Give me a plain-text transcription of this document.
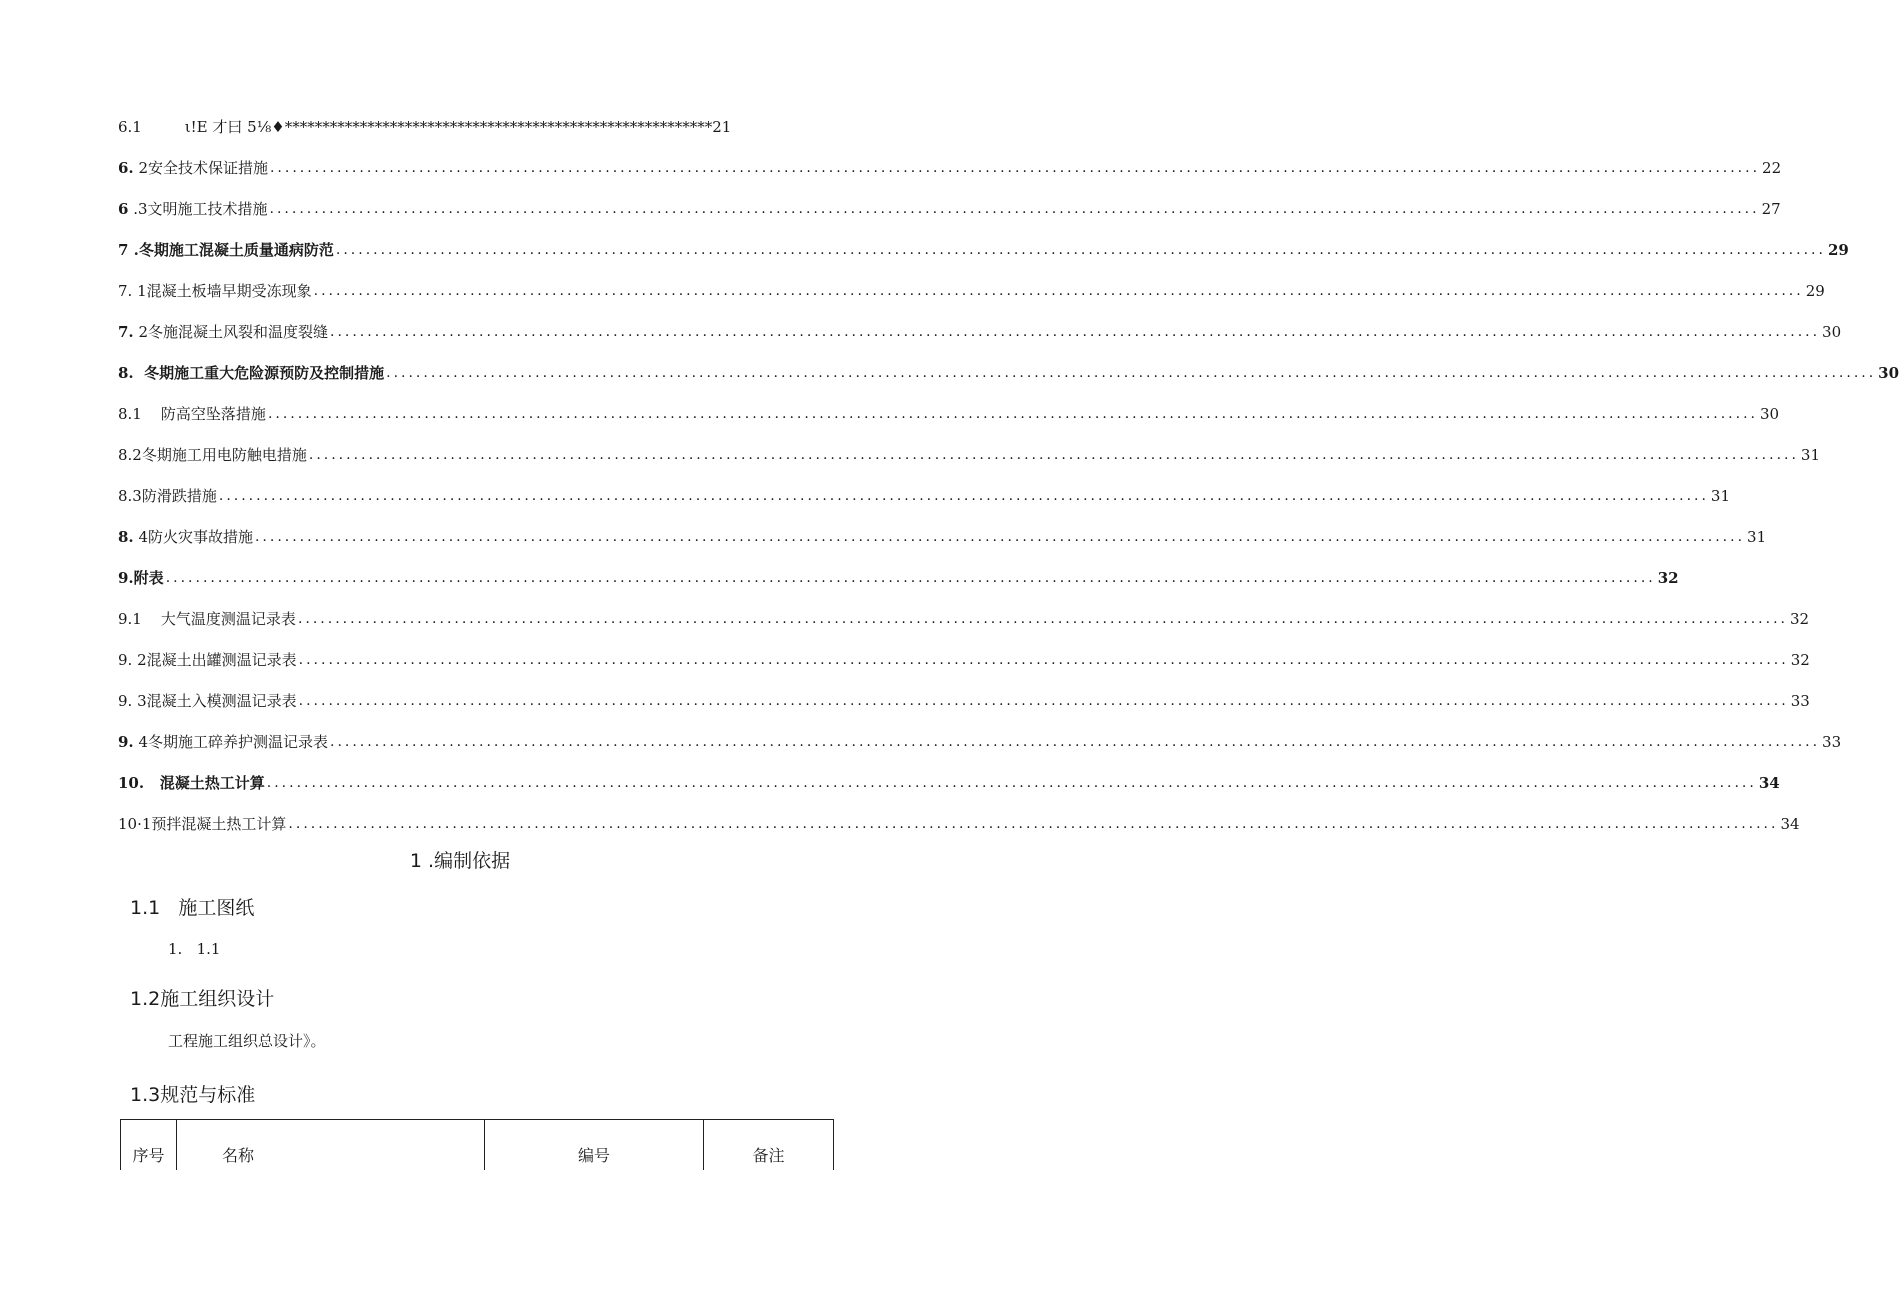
6.1 ι!E 才曰 5⅛♦*********************************************************21
6. 2安全技术保证措施 ........................................................................................................................................................................................................ 22
6 .3文明施工技术措施 ........................................................................................................................................................................................................ 27
7 .冬期施工混凝土质量通病防范 ........................................................................................................................................................................................................ 29
7. 1混凝土板墙早期受冻现象 ........................................................................................................................................................................................................ 29
7. 2冬施混凝土风裂和温度裂缝 ........................................................................................................................................................................................................ 30
8. 冬期施工重大危险源预防及控制措施 ........................................................................................................................................................................................................ 30
8.1 防高空坠落措施 ........................................................................................................................................................................................................ 30
8.2 冬期施工用电防触电措施 ........................................................................................................................................................................................................ 31
8.3 防滑跌措施 ........................................................................................................................................................................................................ 31
8. 4防火灾事故措施 ........................................................................................................................................................................................................ 31
9. 附表 ........................................................................................................................................................................................................ 32
9.1 大气温度测温记录表 ........................................................................................................................................................................................................ 32
9. 2混凝土出罐测温记录表 ........................................................................................................................................................................................................ 32
9. 3混凝土入模测温记录表 ........................................................................................................................................................................................................ 33
9. 4冬期施工碎养护测温记录表 ........................................................................................................................................................................................................ 33
10. 混凝土热工计算 ........................................................................................................................................................................................................ 34
10·1 预拌混凝土热工计算 ........................................................................................................................................................................................................ 34
1 .编制依据
1.1   施工图纸
1.   1.1
1.2施工组织设计
工程施工组织总设计》。
1.3规范与标准
序号	名称	编号	备注
